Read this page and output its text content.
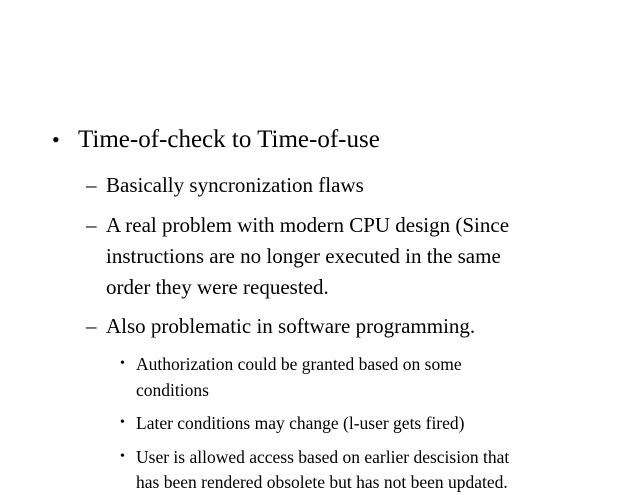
• Time-of-check to Time-of-use
– Basically syncronization flaws
– A real problem with modern CPU design (Since
instructions are no longer executed in the same
order they were requested.
– Also problematic in software programming.
• Authorization could be granted based on some
conditions
• Later conditions may change (l-user gets fired)
• User is allowed access based on earlier descision that
has been rendered obsolete but has not been updated.
